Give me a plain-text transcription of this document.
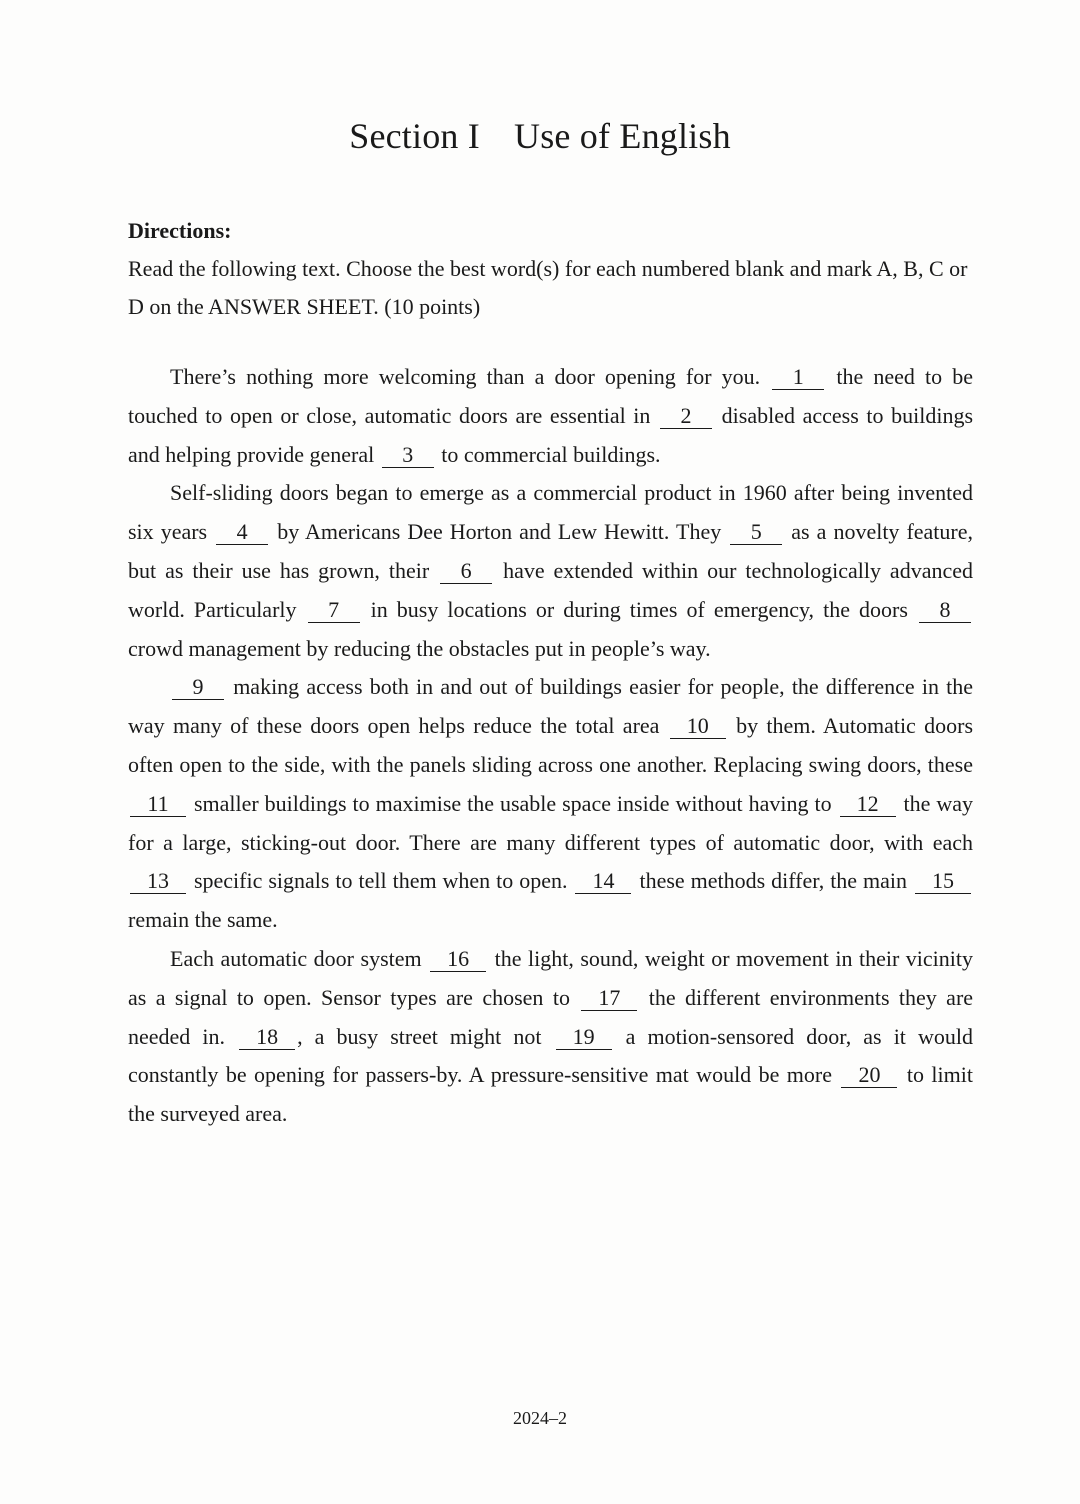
Section I Use of English
Directions:
Read the following text. Choose the best word(s) for each numbered blank and mark A, B, C or D on the ANSWER SHEET. (10 points)

There’s nothing more welcoming than a door opening for you. 1 the need to be touched to open or close, automatic doors are essential in 2 disabled access to buildings and helping provide general 3 to commercial buildings.

Self-sliding doors began to emerge as a commercial product in 1960 after being invented six years 4 by Americans Dee Horton and Lew Hewitt. They 5 as a novelty feature, but as their use has grown, their 6 have extended within our technologically advanced world. Particularly 7 in busy locations or during times of emergency, the doors 8 crowd management by reducing the obstacles put in people’s way.

9 making access both in and out of buildings easier for people, the difference in the way many of these doors open helps reduce the total area 10 by them. Automatic doors often open to the side, with the panels sliding across one another. Replacing swing doors, these 11 smaller buildings to maximise the usable space inside without having to 12 the way for a large, sticking-out door. There are many different types of automatic door, with each 13 specific signals to tell them when to open. 14 these methods differ, the main 15 remain the same.

Each automatic door system 16 the light, sound, weight or movement in their vicinity as a signal to open. Sensor types are chosen to 17 the different environments they are needed in. 18 , a busy street might not 19 a motion-sensored door, as it would constantly be opening for passers-by. A pressure-sensitive mat would be more 20 to limit the surveyed area.

2024–2
